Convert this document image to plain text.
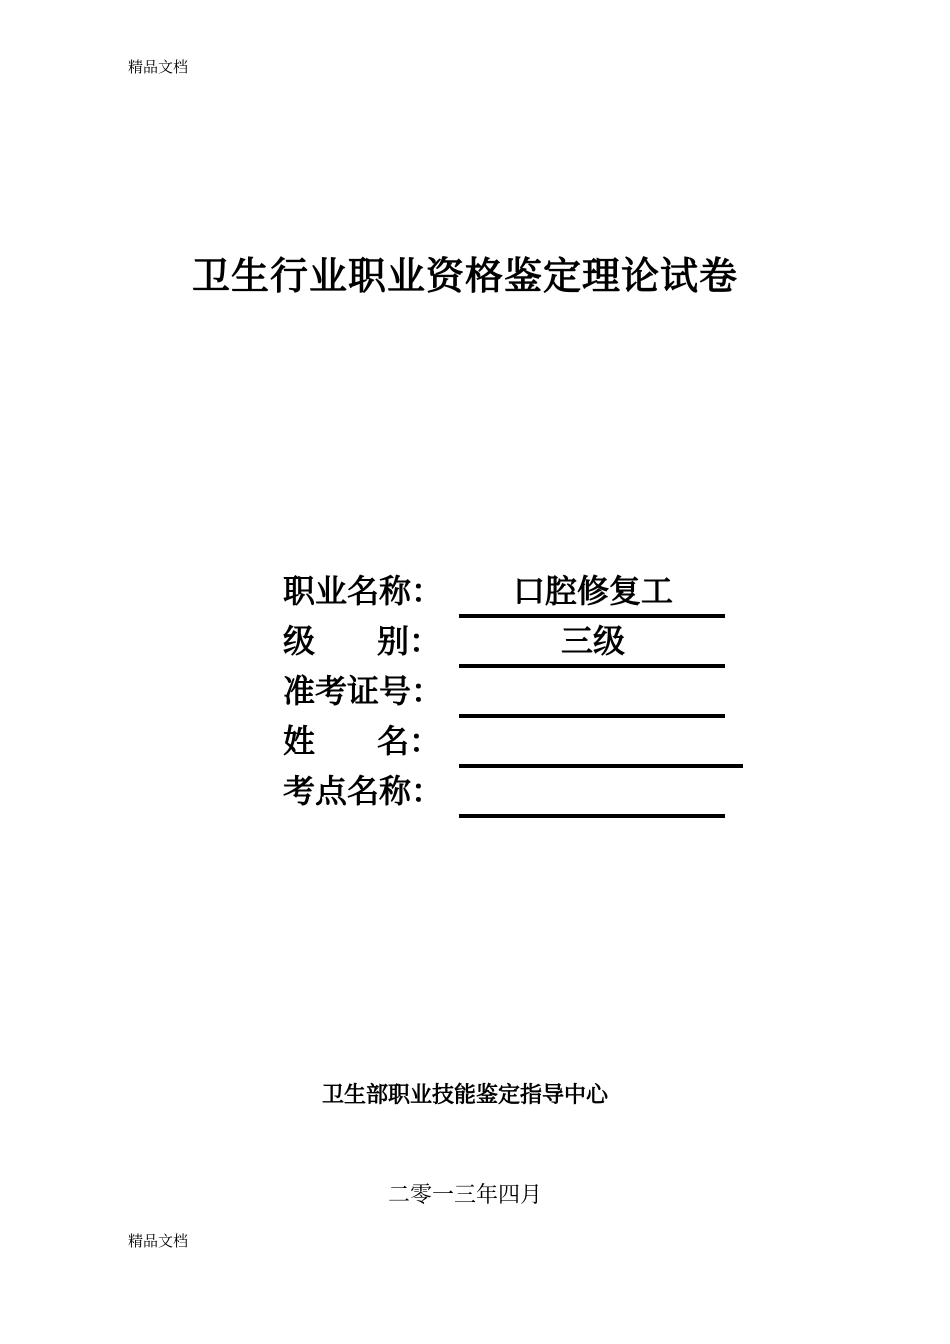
精品文档
卫生行业职业资格鉴定理论试卷
职业名称：	口腔修复工
级 别：	三级
准考证号：
姓 名：
考点名称：
卫生部职业技能鉴定指导中心
二零一三年四月
精品文档
